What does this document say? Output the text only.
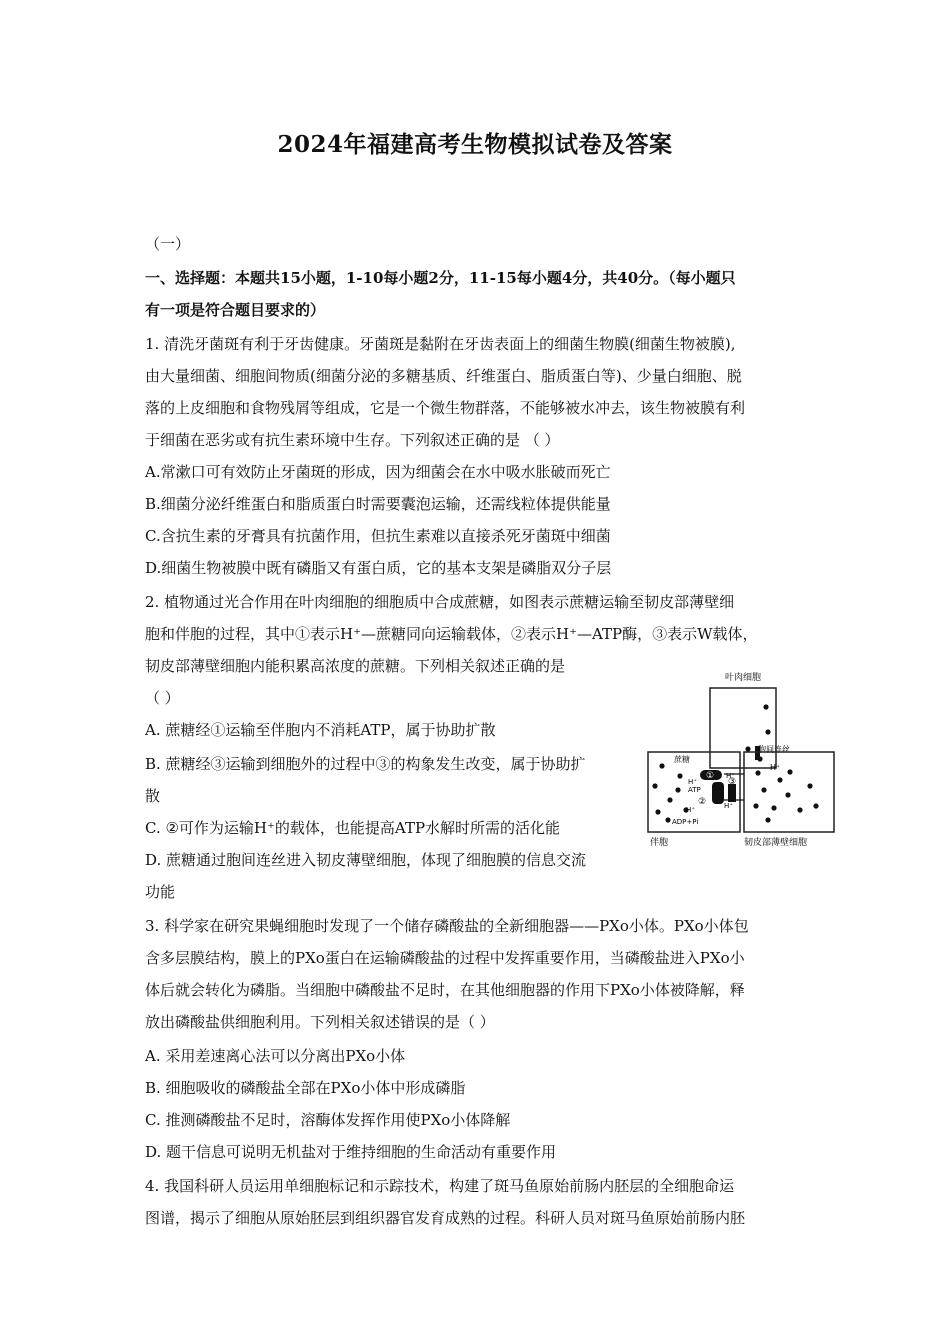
2024年福建高考生物模拟试卷及答案
（一）
一、选择题：本题共15小题，1-10每小题2分，11-15每小题4分，共40分。（每小题只
有一项是符合题目要求的）
1. 清洗牙菌斑有利于牙齿健康。牙菌斑是黏附在牙齿表面上的细菌生物膜(细菌生物被膜),
由大量细菌、细胞间物质(细菌分泌的多糖基质、纤维蛋白、脂质蛋白等)、少量白细胞、脱
落的上皮细胞和食物残屑等组成，它是一个微生物群落，不能够被水冲去，该生物被膜有利
于细菌在恶劣或有抗生素环境中生存。下列叙述正确的是 （ ）
A.常漱口可有效防止牙菌斑的形成，因为细菌会在水中吸水胀破而死亡
B.细菌分泌纤维蛋白和脂质蛋白时需要囊泡运输，还需线粒体提供能量
C.含抗生素的牙膏具有抗菌作用，但抗生素难以直接杀死牙菌斑中细菌
D.细菌生物被膜中既有磷脂又有蛋白质，它的基本支架是磷脂双分子层
2. 植物通过光合作用在叶肉细胞的细胞质中合成蔗糖，如图表示蔗糖运输至韧皮部薄壁细
胞和伴胞的过程，其中①表示H⁺—蔗糖同向运输载体，②表示H⁺—ATP酶，③表示W载体，
韧皮部薄壁细胞内能积累高浓度的蔗糖。下列相关叙述正确的是
（ ）
A. 蔗糖经①运输至伴胞内不消耗ATP，属于协助扩散
B. 蔗糖经③运输到细胞外的过程中③的构象发生改变，属于协助扩
散
C. ②可作为运输H⁺的载体，也能提高ATP水解时所需的活化能
D. 蔗糖通过胞间连丝进入韧皮薄壁细胞，体现了细胞膜的信息交流
功能
叶肉细胞
胞间连丝
伴胞
蔗糖
韧皮部薄壁细胞
H⁺
①
②
③
H⁺
H⁺
ATP
H⁺	H⁺
ADP+Pi
3. 科学家在研究果蝇细胞时发现了一个储存磷酸盐的全新细胞器——PXo小体。PXo小体包
含多层膜结构，膜上的PXo蛋白在运输磷酸盐的过程中发挥重要作用，当磷酸盐进入PXo小
体后就会转化为磷脂。当细胞中磷酸盐不足时，在其他细胞器的作用下PXo小体被降解，释
放出磷酸盐供细胞利用。下列相关叙述错误的是（ ）
A. 采用差速离心法可以分离出PXo小体
B. 细胞吸收的磷酸盐全部在PXo小体中形成磷脂
C. 推测磷酸盐不足时，溶酶体发挥作用使PXo小体降解
D. 题干信息可说明无机盐对于维持细胞的生命活动有重要作用
4. 我国科研人员运用单细胞标记和示踪技术，构建了斑马鱼原始前肠内胚层的全细胞命运
图谱，揭示了细胞从原始胚层到组织器官发育成熟的过程。科研人员对斑马鱼原始前肠内胚
